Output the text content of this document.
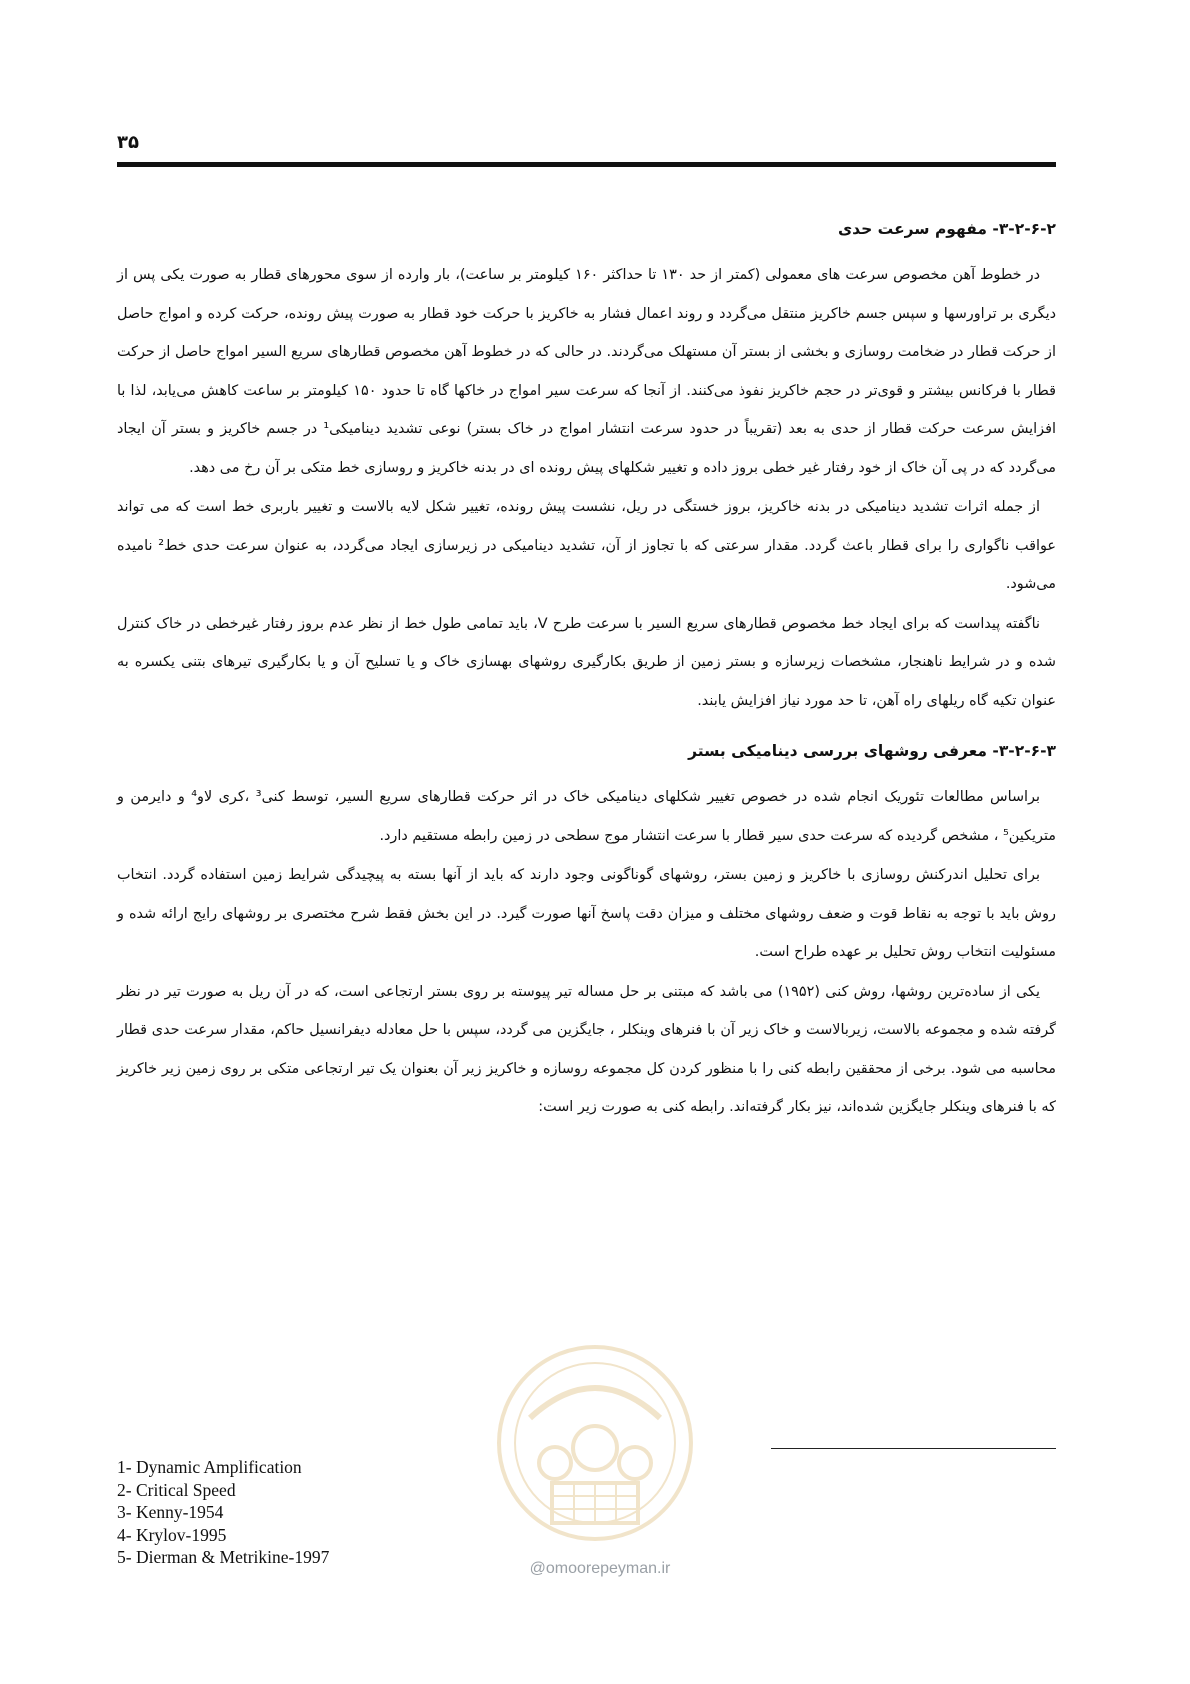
۳۵
۳-۲-۶-۲- مفهوم سرعت حدی

در خطوط آهن مخصوص سرعت های معمولی (کمتر از حد ۱۳۰ تا حداکثر ۱۶۰ کیلومتر بر ساعت)، بار وارده از سوی محورهای قطار به صورت یکی پس از دیگری بر تراورسها و سپس جسم خاکریز منتقل می‌گردد و روند اعمال فشار به خاکریز با حرکت خود قطار به صورت پیش رونده، حرکت کرده و امواج حاصل از حرکت قطار در ضخامت روسازی و بخشی از بستر آن مستهلک می‌گردند. در حالی که در خطوط آهن مخصوص قطارهای سریع السیر امواج حاصل از حرکت قطار با فرکانس بیشتر و قوی‌تر در حجم خاکریز نفوذ می‌کنند. از آنجا که سرعت سیر امواج در خاکها گاه تا حدود ۱۵۰ کیلومتر بر ساعت کاهش می‌یابد، لذا با افزایش سرعت حرکت قطار از حدی به بعد (تقریباً در حدود سرعت انتشار امواج در خاک بستر) نوعی تشدید دینامیکی¹ در جسم خاکریز و بستر آن ایجاد می‌گردد که در پی آن خاک از خود رفتار غیر خطی بروز داده و تغییر شکلهای پیش رونده ای در بدنه خاکریز و روسازی خط متکی بر آن رخ می دهد.

از جمله اثرات تشدید دینامیکی در بدنه خاکریز، بروز خستگی در ریل، نشست پیش رونده، تغییر شکل لایه بالاست و تغییر باربری خط است که می تواند عواقب ناگواری را برای قطار باعث گردد. مقدار سرعتی که با تجاوز از آن، تشدید دینامیکی در زیرسازی ایجاد می‌گردد، به عنوان سرعت حدی خط² نامیده می‌شود.

ناگفته پیداست که برای ایجاد خط مخصوص قطارهای سریع السیر با سرعت طرح V، باید تمامی طول خط از نظر عدم بروز رفتار غیرخطی در خاک کنترل شده و در شرایط ناهنجار، مشخصات زیرسازه و بستر زمین از طریق بکارگیری روشهای بهسازی خاک و یا تسلیح آن و یا بکارگیری تیرهای بتنی یکسره به عنوان تکیه گاه ریلهای راه آهن، تا حد مورد نیاز افزایش یابند.

۳-۲-۶-۳- معرفی روشهای بررسی دینامیکی بستر

براساس مطالعات تئوریک انجام شده در خصوص تغییر شکلهای دینامیکی خاک در اثر حرکت قطارهای سریع السیر، توسط کنی³ ،کری لاو⁴ و دایرمن و متریکین⁵ ، مشخص گردیده که سرعت حدی سیر قطار با سرعت انتشار موج سطحی در زمین رابطه مستقیم دارد.

برای تحلیل اندرکنش روسازی با خاکریز و زمین بستر، روشهای گوناگونی وجود دارند که باید از آنها بسته به پیچیدگی شرایط زمین استفاده گردد. انتخاب روش باید با توجه به نقاط قوت و ضعف روشهای مختلف و میزان دقت پاسخ آنها صورت گیرد. در این بخش فقط شرح مختصری بر روشهای رایج ارائه شده و مسئولیت انتخاب روش تحلیل بر عهده طراح است.

یکی از ساده‌ترین روشها، روش کنی (۱۹۵۲) می باشد که مبتنی بر حل مساله تیر پیوسته بر روی بستر ارتجاعی است، که در آن ریل به صورت تیر در نظر گرفته شده و مجموعه بالاست، زیربالاست و خاک زیر آن با فنرهای وینکلر ، جایگزین می گردد، سپس با حل معادله دیفرانسیل حاکم، مقدار سرعت حدی قطار محاسبه می شود. برخی از محققین رابطه کنی را با منظور کردن کل مجموعه روسازه و خاکریز زیر آن بعنوان یک تیر ارتجاعی متکی بر روی زمین زیر خاکریز که با فنرهای وینکلر جایگزین شده‌اند، نیز بکار گرفته‌اند. رابطه کنی به صورت زیر است:

1- Dynamic Amplification
2- Critical Speed
3- Kenny-1954
4- Krylov-1995
5- Dierman & Metrikine-1997
@omoorepeyman.ir
